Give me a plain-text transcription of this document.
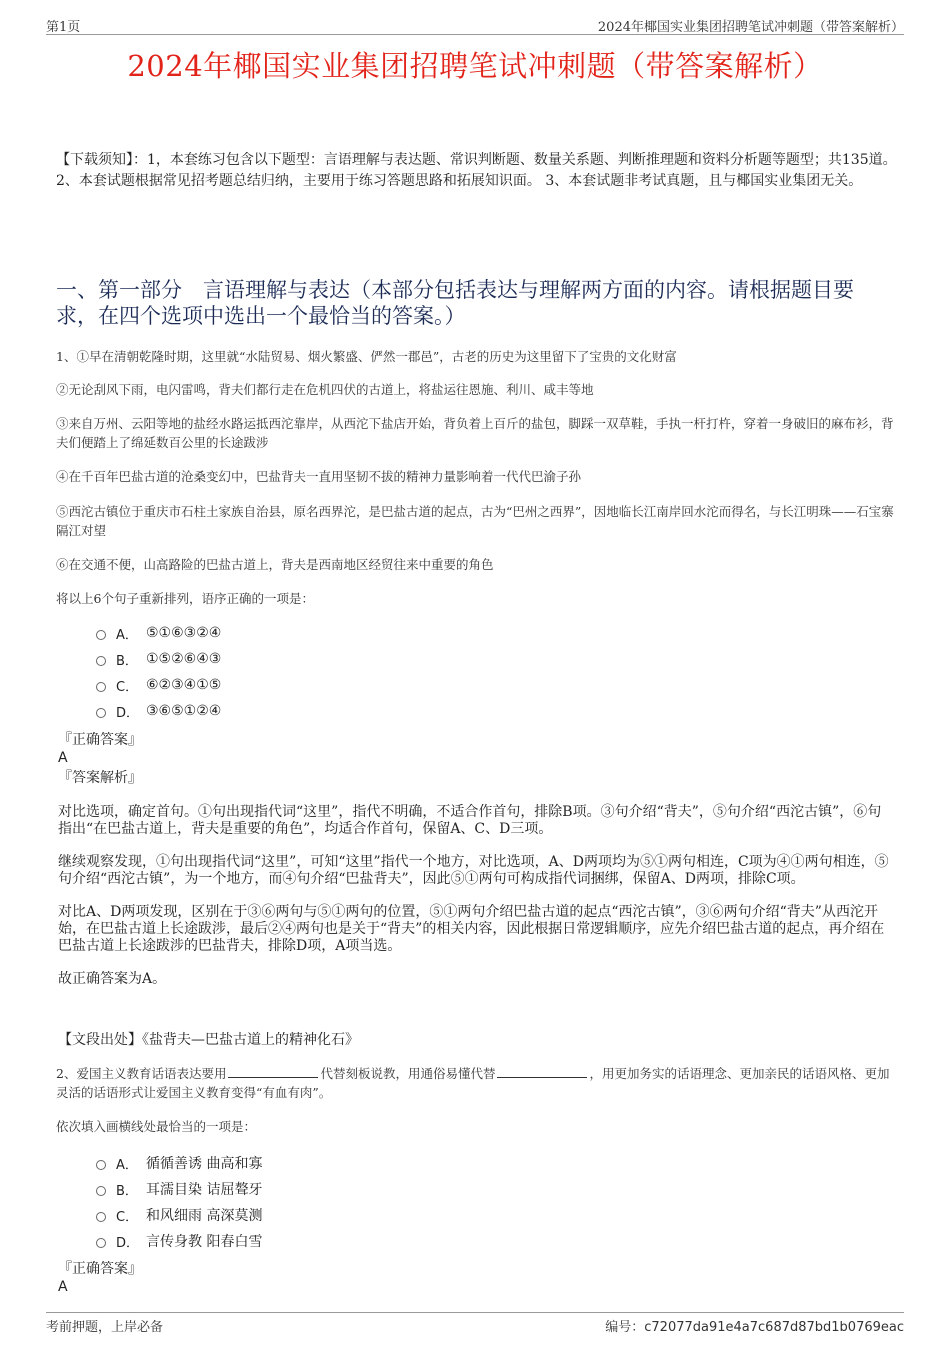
第1页	2024年椰国实业集团招聘笔试冲刺题（带答案解析）
2024年椰国实业集团招聘笔试冲刺题（带答案解析）
【下载须知】：1，本套练习包含以下题型：言语理解与表达题、常识判断题、数量关系题、判断推理题和资料分析题等题型；共135道。 2、本套试题根据常见招考题总结归纳，主要用于练习答题思路和拓展知识面。 3、本套试题非考试真题，且与椰国实业集团无关。
一、第一部分　言语理解与表达（本部分包括表达与理解两方面的内容。请根据题目要求，在四个选项中选出一个最恰当的答案。）
1、①早在清朝乾隆时期，这里就“水陆贸易、烟火繁盛、俨然一郡邑”，古老的历史为这里留下了宝贵的文化财富
②无论刮风下雨，电闪雷鸣，背夫们都行走在危机四伏的古道上，将盐运往恩施、利川、咸丰等地
③来自万州、云阳等地的盐经水路运抵西沱靠岸，从西沱下盐店开始，背负着上百斤的盐包，脚踩一双草鞋，手执一杆打杵，穿着一身破旧的麻布衫，背夫们便踏上了绵延数百公里的长途跋涉
④在千百年巴盐古道的沧桑变幻中，巴盐背夫一直用坚韧不拔的精神力量影响着一代代巴渝子孙
⑤西沱古镇位于重庆市石柱土家族自治县，原名西界沱，是巴盐古道的起点，古为“巴州之西界”，因地临长江南岸回水沱而得名，与长江明珠——石宝寨隔江对望
⑥在交通不便，山高路险的巴盐古道上，背夫是西南地区经贸往来中重要的角色
将以上6个句子重新排列，语序正确的一项是：
A． ⑤①⑥③②④
B． ①⑤②⑥④③
C． ⑥②③④①⑤
D． ③⑥⑤①②④
『正确答案』
A
『答案解析』

对比选项，确定首句。①句出现指代词“这里”，指代不明确，不适合作首句，排除B项。③句介绍“背夫”，⑤句介绍“西沱古镇”，⑥句指出“在巴盐古道上，背夫是重要的角色”，均适合作首句，保留A、C、D三项。

继续观察发现，①句出现指代词“这里”，可知“这里”指代一个地方，对比选项，A、D两项均为⑤①两句相连，C项为④①两句相连，⑤句介绍“西沱古镇”，为一个地方，而④句介绍“巴盐背夫”，因此⑤①两句可构成指代词捆绑，保留A、D两项，排除C项。

对比A、D两项发现，区别在于③⑥两句与⑤①两句的位置，⑤①两句介绍巴盐古道的起点“西沱古镇”，③⑥两句介绍“背夫”从西沱开始，在巴盐古道上长途跋涉，最后②④两句也是关于“背夫”的相关内容，因此根据日常逻辑顺序，应先介绍巴盐古道的起点，再介绍在巴盐古道上长途跋涉的巴盐背夫，排除D项，A项当选。

故正确答案为A。

【文段出处】《盐背夫—巴盐古道上的精神化石》
2、爱国主义教育话语表达要用	代替刻板说教，用通俗易懂代替	，用更加务实的话语理念、更加亲民的话语风格、更加灵活的话语形式让爱国主义教育变得“有血有肉”。
依次填入画横线处最恰当的一项是：
A． 循循善诱 曲高和寡
B． 耳濡目染 诘屈聱牙
C． 和风细雨 高深莫测
D． 言传身教 阳春白雪
『正确答案』
A
考前押题，上岸必备	编号：c72077da91e4a7c687d87bd1b0769eac
